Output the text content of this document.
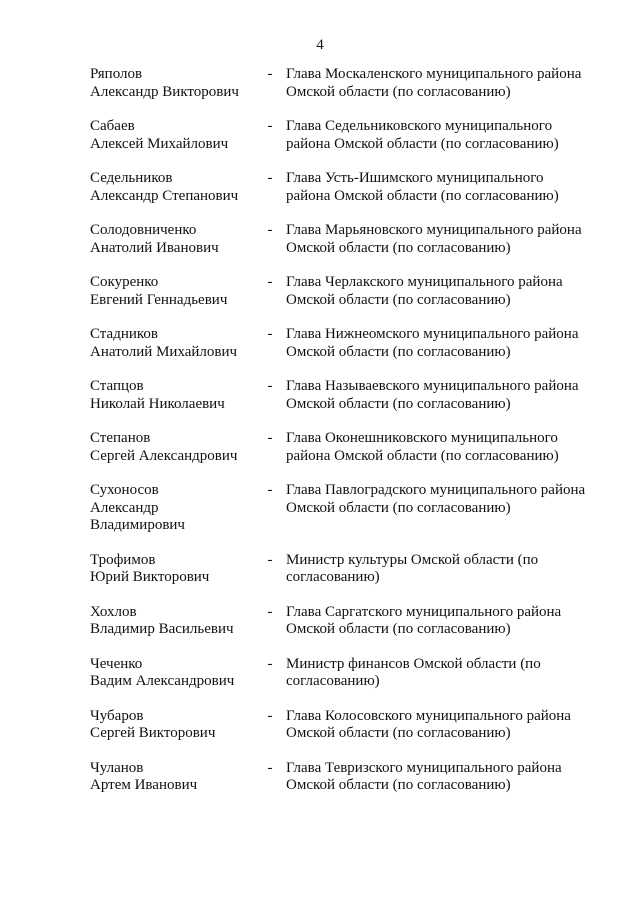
4
Ряполов
Александр Викторович
- Глава Москаленского муниципального района
Омской области (по согласованию)
Сабаев
Алексей Михайлович
- Глава Седельниковского муниципального
района Омской области (по согласованию)
Седельников
Александр Степанович
- Глава Усть-Ишимского муниципального
района Омской области (по согласованию)
Солодовниченко
Анатолий Иванович
- Глава Марьяновского муниципального района
Омской области (по согласованию)
Сокуренко
Евгений Геннадьевич
- Глава Черлакского муниципального района
Омской области (по согласованию)
Стадников
Анатолий Михайлович
- Глава Нижнеомского муниципального района
Омской области (по согласованию)
Стапцов
Николай Николаевич
- Глава Называевского муниципального района
Омской области (по согласованию)
Степанов
Сергей Александрович
- Глава Оконешниковского муниципального
района Омской области (по согласованию)
Сухоносов
Александр
Владимирович
- Глава Павлоградского муниципального района
Омской области (по согласованию)
Трофимов
Юрий Викторович
- Министр культуры Омской области (по
согласованию)
Хохлов
Владимир Васильевич
- Глава Саргатского муниципального района
Омской области (по согласованию)
Чеченко
Вадим Александрович
- Министр финансов Омской области (по
согласованию)
Чубаров
Сергей Викторович
- Глава Колосовского муниципального района
Омской области (по согласованию)
Чуланов
Артем Иванович
- Глава Тевризского муниципального района
Омской области (по согласованию)
